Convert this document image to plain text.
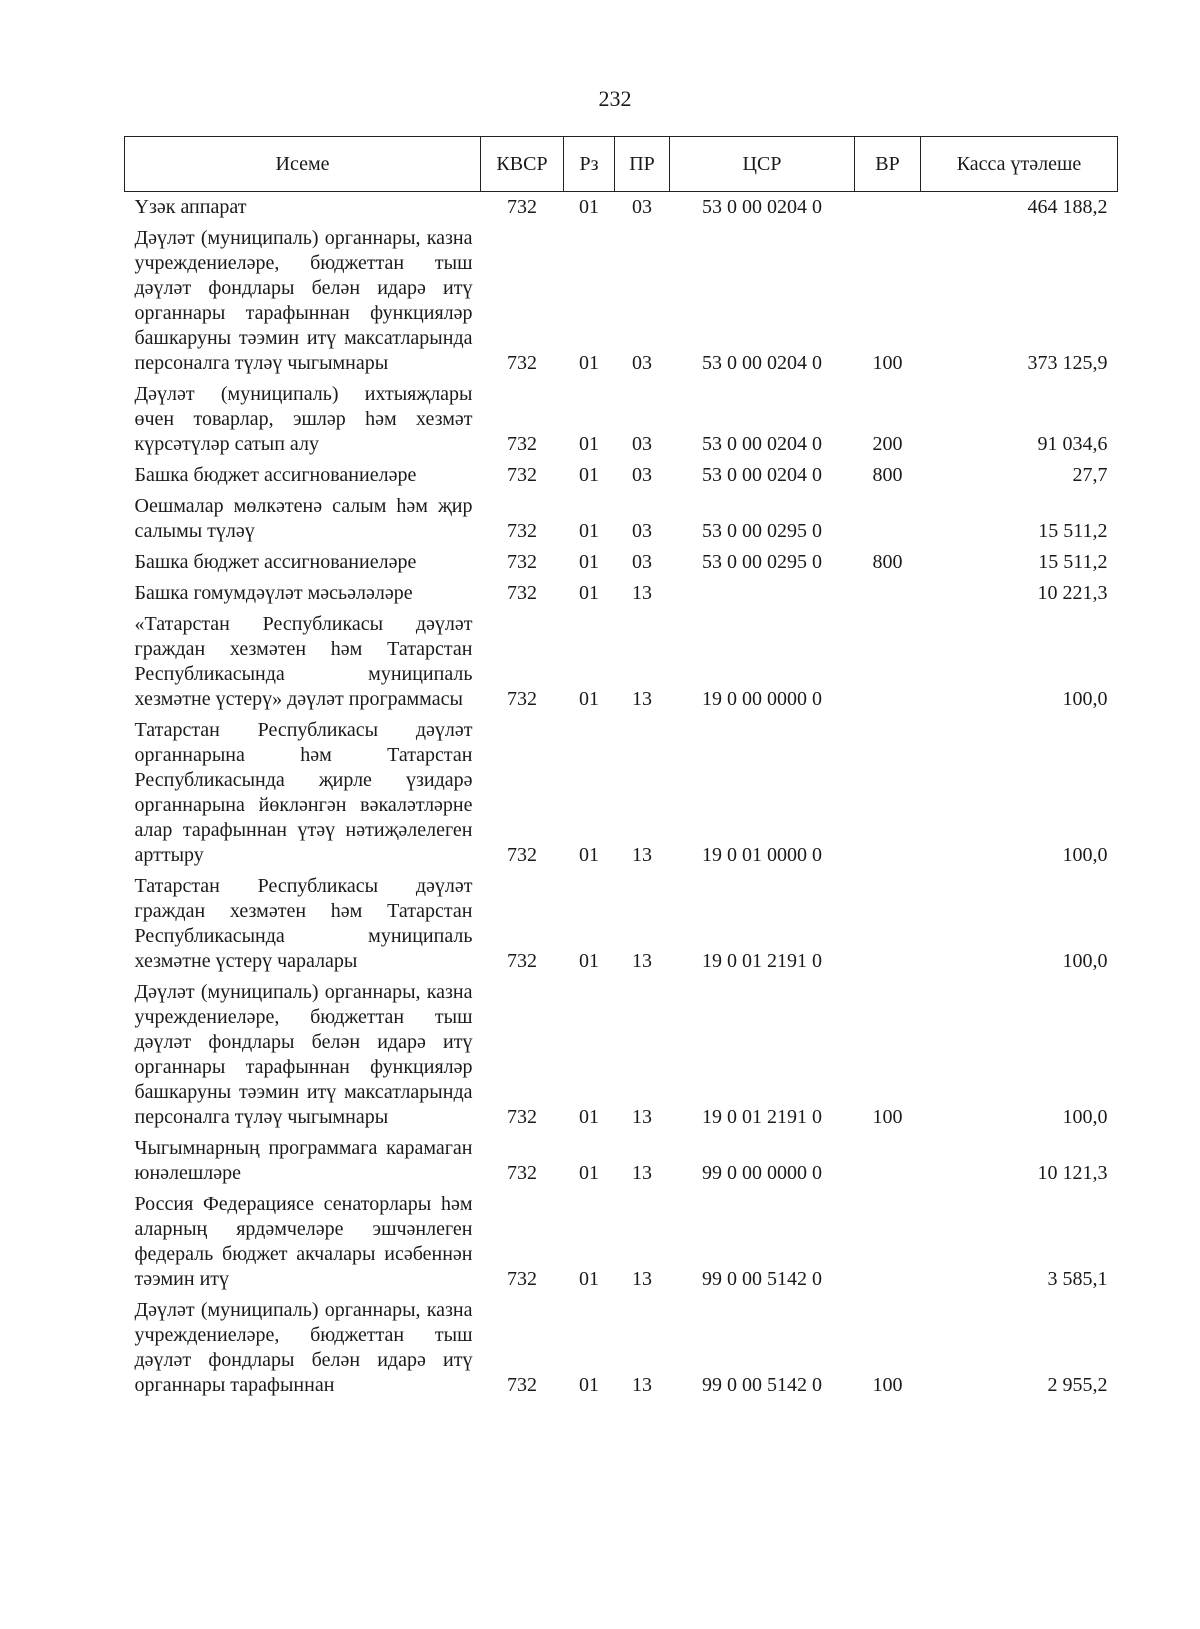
232
Исеме	КВСР	Рз	ПР	ЦСР	ВР	Касса үтәлеше
Үзәк аппарат	732	01	03	53 0 00 0204 0		464 188,2
Дәүләт (муниципаль) органнары, казна учреждениеләре, бюджеттан тыш дәүләт фондлары белән идарә итү органнары тарафыннан функцияләр башкаруны тәэмин итү максатларында персоналга түләү чыгымнары	732	01	03	53 0 00 0204 0	100	373 125,9
Дәүләт (муниципаль) ихтыяҗлары өчен товарлар, эшләр һәм хезмәт күрсәтүләр сатып алу	732	01	03	53 0 00 0204 0	200	91 034,6
Башка бюджет ассигнованиеләре	732	01	03	53 0 00 0204 0	800	27,7
Оешмалар мөлкәтенә салым һәм җир салымы түләү	732	01	03	53 0 00 0295 0		15 511,2
Башка бюджет ассигнованиеләре	732	01	03	53 0 00 0295 0	800	15 511,2
Башка гомумдәүләт мәсьәләләре	732	01	13			10 221,3
«Татарстан Республикасы дәүләт граждан хезмәтен һәм Татарстан Республикасында муниципаль хезмәтне үстерү» дәүләт программасы	732	01	13	19 0 00 0000 0		100,0
Татарстан Республикасы дәүләт органнарына һәм Татарстан Республикасында җирле үзидарә органнарына йөкләнгән вәкаләтләрне алар тарафыннан үтәү нәтиҗәлелеген арттыру	732	01	13	19 0 01 0000 0		100,0
Татарстан Республикасы дәүләт граждан хезмәтен һәм Татарстан Республикасында муниципаль хезмәтне үстерү чаралары	732	01	13	19 0 01 2191 0		100,0
Дәүләт (муниципаль) органнары, казна учреждениеләре, бюджеттан тыш дәүләт фондлары белән идарә итү органнары тарафыннан функцияләр башкаруны тәэмин итү максатларында персоналга түләү чыгымнары	732	01	13	19 0 01 2191 0	100	100,0
Чыгымнарның программага карамаган юнәлешләре	732	01	13	99 0 00 0000 0		10 121,3
Россия Федерациясе сенаторлары һәм аларның ярдәмчеләре эшчәнлеген федераль бюджет акчалары исәбеннән тәэмин итү	732	01	13	99 0 00 5142 0		3 585,1
Дәүләт (муниципаль) органнары, казна учреждениеләре, бюджеттан тыш дәүләт фондлары белән идарә итү органнары тарафыннан	732	01	13	99 0 00 5142 0	100	2 955,2
